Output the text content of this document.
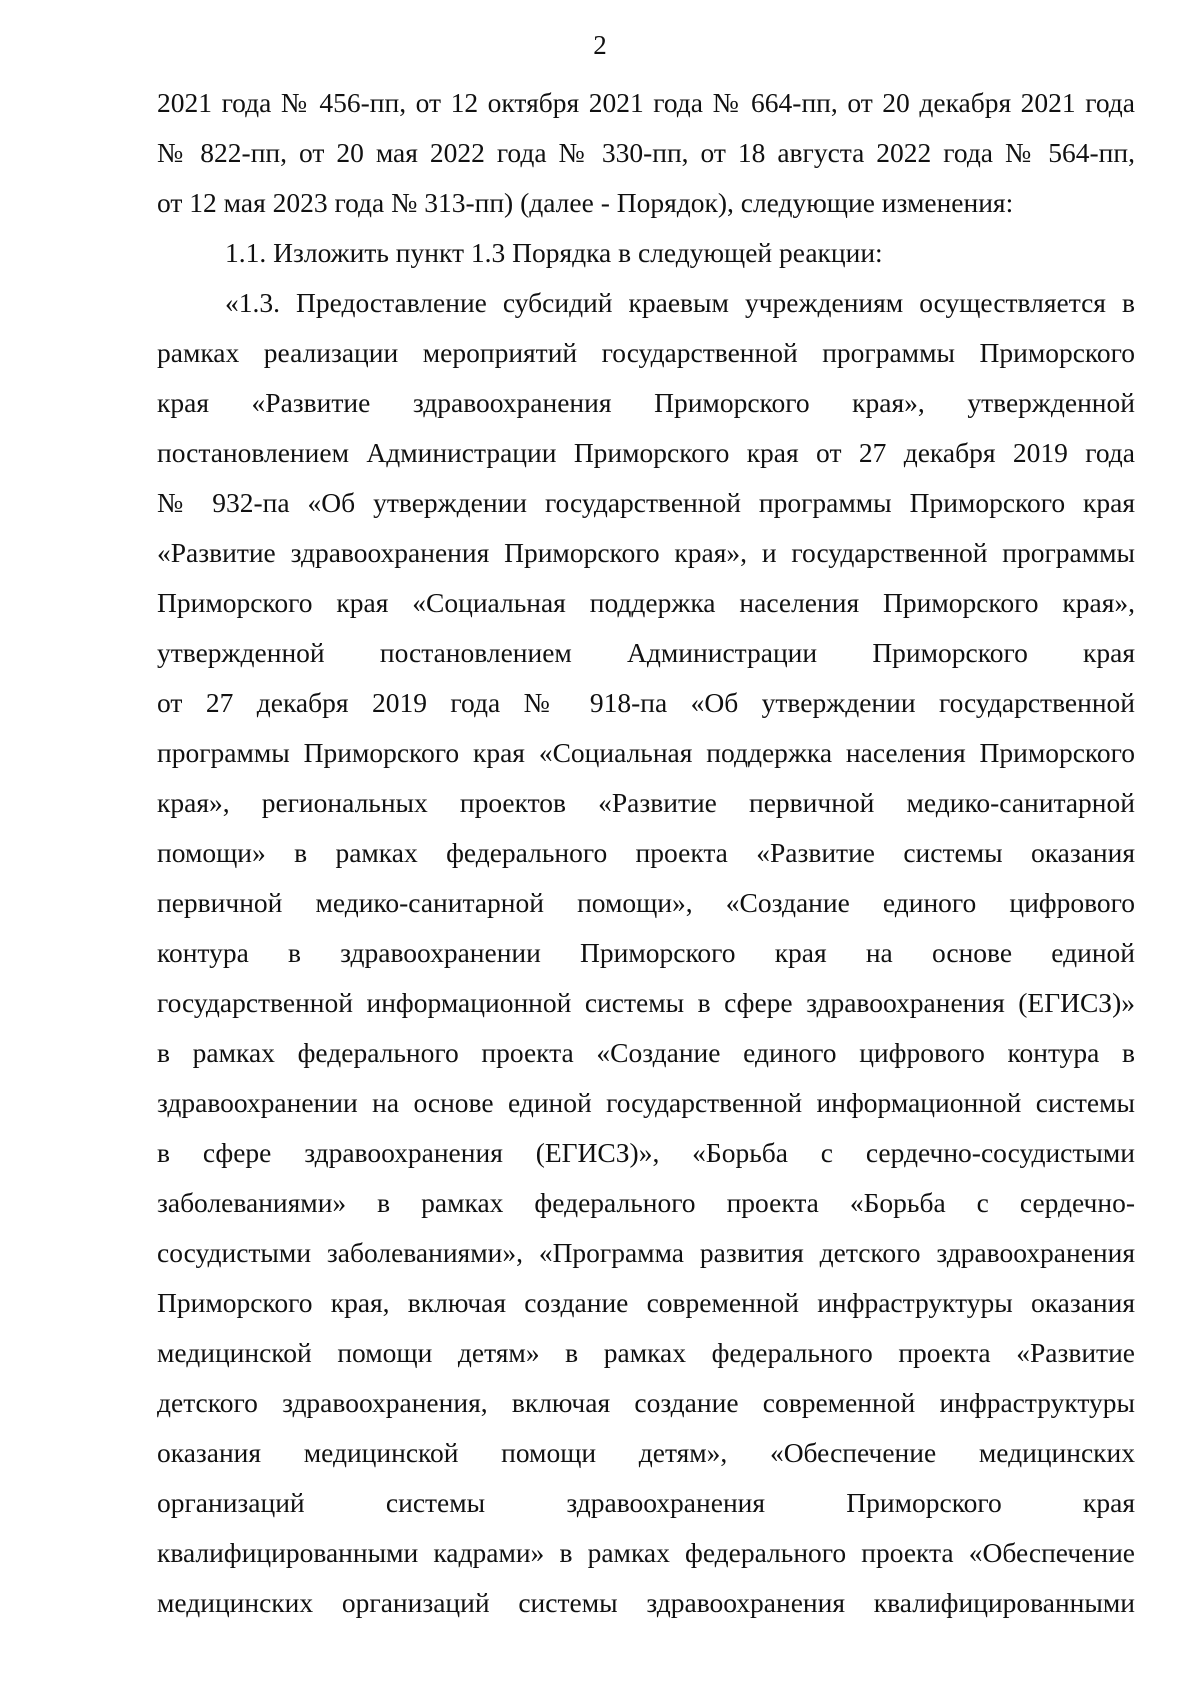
2
2021 года № 456-пп, от 12 октября 2021 года № 664-пп, от 20 декабря 2021 года
№ 822-пп, от 20 мая 2022 года № 330-пп, от 18 августа 2022 года № 564-пп,
от 12 мая 2023 года № 313-пп) (далее - Порядок), следующие изменения:
1.1. Изложить пункт 1.3 Порядка в следующей реакции:
«1.3. Предоставление субсидий краевым учреждениям осуществляется в
рамках реализации мероприятий государственной программы Приморского
края «Развитие здравоохранения Приморского края», утвержденной
постановлением Администрации Приморского края от 27 декабря 2019 года
№ 932-па «Об утверждении государственной программы Приморского края
«Развитие здравоохранения Приморского края», и государственной программы
Приморского края «Социальная поддержка населения Приморского края»,
утвержденной постановлением Администрации Приморского края
от 27 декабря 2019 года № 918-па «Об утверждении государственной
программы Приморского края «Социальная поддержка населения Приморского
края», региональных проектов «Развитие первичной медико-санитарной
помощи» в рамках федерального проекта «Развитие системы оказания
первичной медико-санитарной помощи», «Создание единого цифрового
контура в здравоохранении Приморского края на основе единой
государственной информационной системы в сфере здравоохранения (ЕГИСЗ)»
в рамках федерального проекта «Создание единого цифрового контура в
здравоохранении на основе единой государственной информационной системы
в сфере здравоохранения (ЕГИСЗ)», «Борьба с сердечно-сосудистыми
заболеваниями» в рамках федерального проекта «Борьба с сердечно-
сосудистыми заболеваниями», «Программа развития детского здравоохранения
Приморского края, включая создание современной инфраструктуры оказания
медицинской помощи детям» в рамках федерального проекта «Развитие
детского здравоохранения, включая создание современной инфраструктуры
оказания медицинской помощи детям», «Обеспечение медицинских
организаций системы здравоохранения Приморского края
квалифицированными кадрами» в рамках федерального проекта «Обеспечение
медицинских организаций системы здравоохранения квалифицированными
